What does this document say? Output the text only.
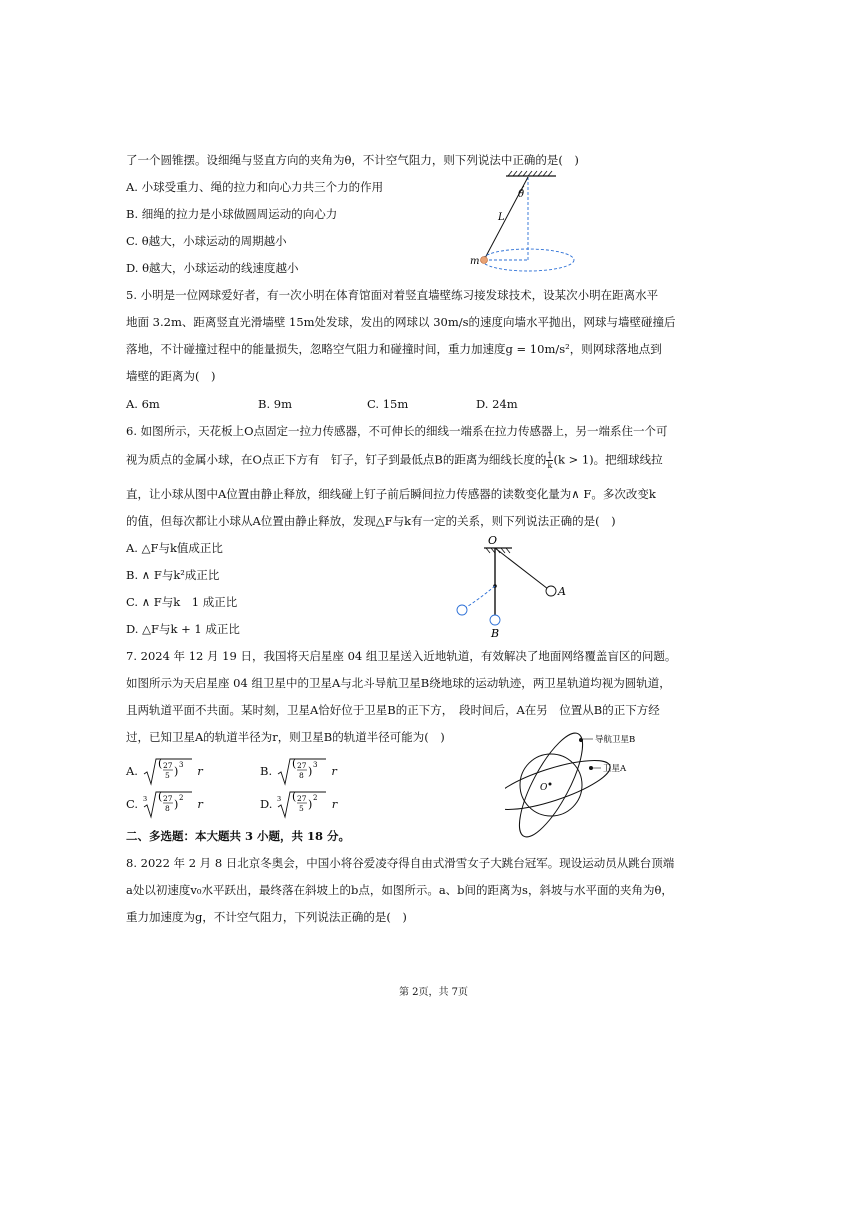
了一个圆锥摆。设细绳与竖直方向的夹角为θ，不计空气阻力，则下列说法中正确的是(　)
A. 小球受重力、绳的拉力和向心力共三个力的作用
B. 细绳的拉力是小球做圆周运动的向心力
C. θ越大，小球运动的周期越小
D. θ越大，小球运动的线速度越小
θ
L
m
5. 小明是一位网球爱好者，有一次小明在体育馆面对着竖直墙壁练习接发球技术，设某次小明在距离水平
地面 3.2m、距离竖直光滑墙壁 15m处发球，发出的网球以 30m/s的速度向墙水平抛出，网球与墙壁碰撞后
落地，不计碰撞过程中的能量损失，忽略空气阻力和碰撞时间，重力加速度g = 10m/s²，则网球落地点到
墙壁的距离为(　)
A. 6m	B. 9m	C. 15m	D. 24m
6. 如图所示，天花板上O点固定一拉力传感器，不可伸长的细线一端系在拉力传感器上，另一端系住一个可
视为质点的金属小球，在O点正下方有　钉子，钉子到最低点B的距离为细线长度的 $\frac{1}{k} (k > 1)$。把细球线拉
直，让小球从图中A位置由静止释放，细线碰上钉子前后瞬间拉力传感器的读数变化量为∧ F。多次改变k
的值，但每次都让小球从A位置由静止释放，发现△F与k有一定的关系，则下列说法正确的是(　)
A. △F与k值成正比
B. ∧ F与k²成正比
C. ∧ F与k　1 成正比
D. △F与k + 1 成正比
O
A
B
7. 2024 年 12 月 19 日，我国将天启星座 04 组卫星送入近地轨道，有效解决了地面网络覆盖盲区的问题。
如图所示为天启星座 04 组卫星中的卫星A与北斗导航卫星B绕地球的运动轨迹，两卫星轨道均视为圆轨道，
且两轨道平面不共面。某时刻，卫星A恰好位于卫星B的正下方，　段时间后，A在另　位置从B的正下方经
过，已知卫星A的轨道半径为r，则卫星B的轨道半径可能为(　)
A.
( 27
5 ) 3 r	B.
( 27
8 ) 3 r
C. 3 ( 27
8 ) 2 r	D. 3 ( 27
5 ) 2 r
O
导航卫星B
卫星A
二、多选题：本大题共 3 小题，共 18 分。
8. 2022 年 2 月 8 日北京冬奥会，中国小将谷爱凌夺得自由式滑雪女子大跳台冠军。现设运动员从跳台顶端
a处以初速度v₀水平跃出，最终落在斜坡上的b点，如图所示。a、b间的距离为s，斜坡与水平面的夹角为θ，
重力加速度为g，不计空气阻力，下列说法正确的是(　)
第 2页，共 7页
